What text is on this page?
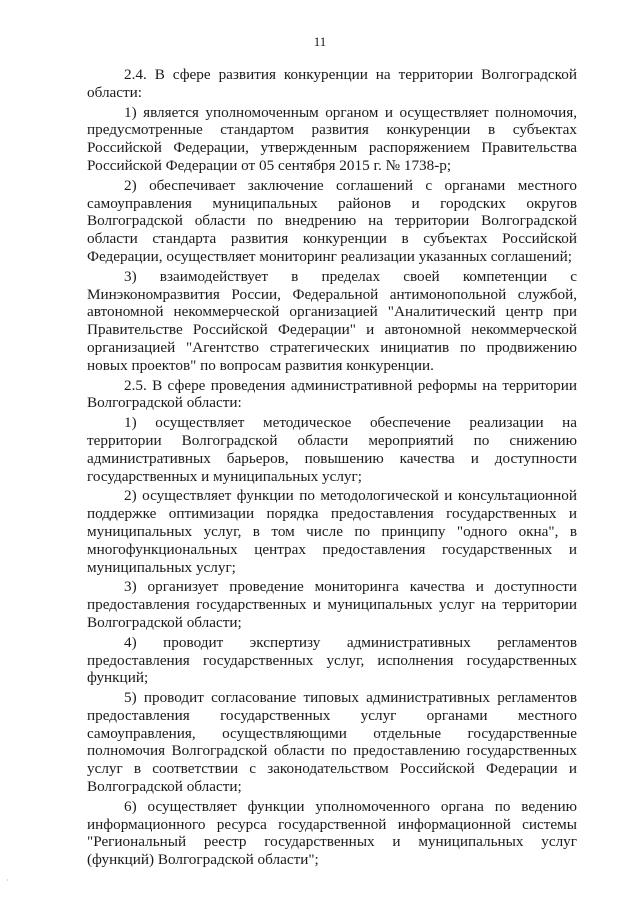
11

2.4. В сфере развития конкуренции на территории Волгоградской области:

1) является уполномоченным органом и осуществляет полномочия, предусмотренные стандартом развития конкуренции в субъектах Российской Федерации, утвержденным распоряжением Правительства Российской Федерации от 05 сентября 2015 г. № 1738-р;

2) обеспечивает заключение соглашений с органами местного самоуправления муниципальных районов и городских округов Волгоградской области по внедрению на территории Волгоградской области стандарта развития конкуренции в субъектах Российской Федерации, осуществляет мониторинг реализации указанных соглашений;

3) взаимодействует в пределах своей компетенции с Минэкономразвития России, Федеральной антимонопольной службой, автономной некоммерческой организацией "Аналитический центр при Правительстве Российской Федерации" и автономной некоммерческой организацией "Агентство стратегических инициатив по продвижению новых проектов" по вопросам развития конкуренции.

2.5. В сфере проведения административной реформы на территории Волгоградской области:

1) осуществляет методическое обеспечение реализации на территории Волгоградской области мероприятий по снижению административных барьеров, повышению качества и доступности государственных и муниципальных услуг;

2) осуществляет функции по методологической и консультационной поддержке оптимизации порядка предоставления государственных и муниципальных услуг, в том числе по принципу "одного окна", в многофункциональных центрах предоставления государственных и муниципальных услуг;

3) организует проведение мониторинга качества и доступности предоставления государственных и муниципальных услуг на территории Волгоградской области;

4) проводит экспертизу административных регламентов предоставления государственных услуг, исполнения государственных функций;

5) проводит согласование типовых административных регламентов предоставления государственных услуг органами местного самоуправления, осуществляющими отдельные государственные полномочия Волгоградской области по предоставлению государственных услуг в соответствии с законодательством Российской Федерации и Волгоградской области;

6) осуществляет функции уполномоченного органа по ведению информационного ресурса государственной информационной системы "Региональный реестр государственных и муниципальных услуг (функций) Волгоградской области";

·
